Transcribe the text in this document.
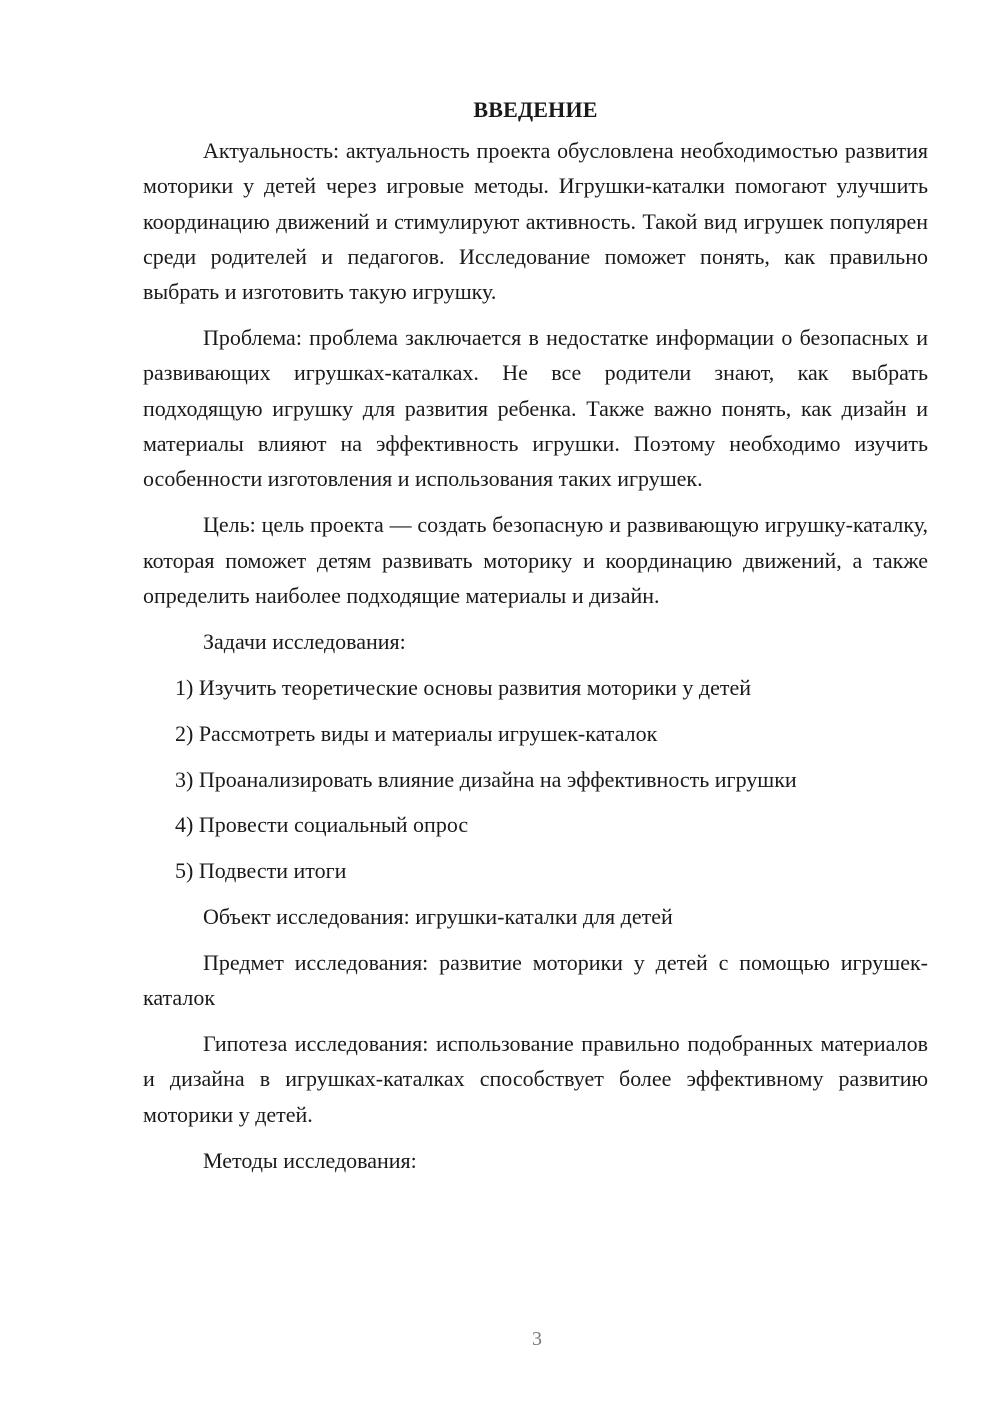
ВВЕДЕНИЕ

Актуальность: актуальность проекта обусловлена необходимостью развития моторики у детей через игровые методы. Игрушки-каталки помогают улучшить координацию движений и стимулируют активность. Такой вид игрушек популярен среди родителей и педагогов. Исследование поможет понять, как правильно выбрать и изготовить такую игрушку.

Проблема: проблема заключается в недостатке информации о безопасных и развивающих игрушках-каталках. Не все родители знают, как выбрать подходящую игрушку для развития ребенка. Также важно понять, как дизайн и материалы влияют на эффективность игрушки. Поэтому необходимо изучить особенности изготовления и использования таких игрушек.

Цель: цель проекта — создать безопасную и развивающую игрушку-каталку, которая поможет детям развивать моторику и координацию движений, а также определить наиболее подходящие материалы и дизайн.

Задачи исследования:

1) Изучить теоретические основы развития моторики у детей
2) Рассмотреть виды и материалы игрушек-каталок
3) Проанализировать влияние дизайна на эффективность игрушки
4) Провести социальный опрос
5) Подвести итоги

Объект исследования: игрушки-каталки для детей

Предмет исследования: развитие моторики у детей с помощью игрушек-каталок

Гипотеза исследования: использование правильно подобранных материалов и дизайна в игрушках-каталках способствует более эффективному развитию моторики у детей.

Методы исследования:

3
